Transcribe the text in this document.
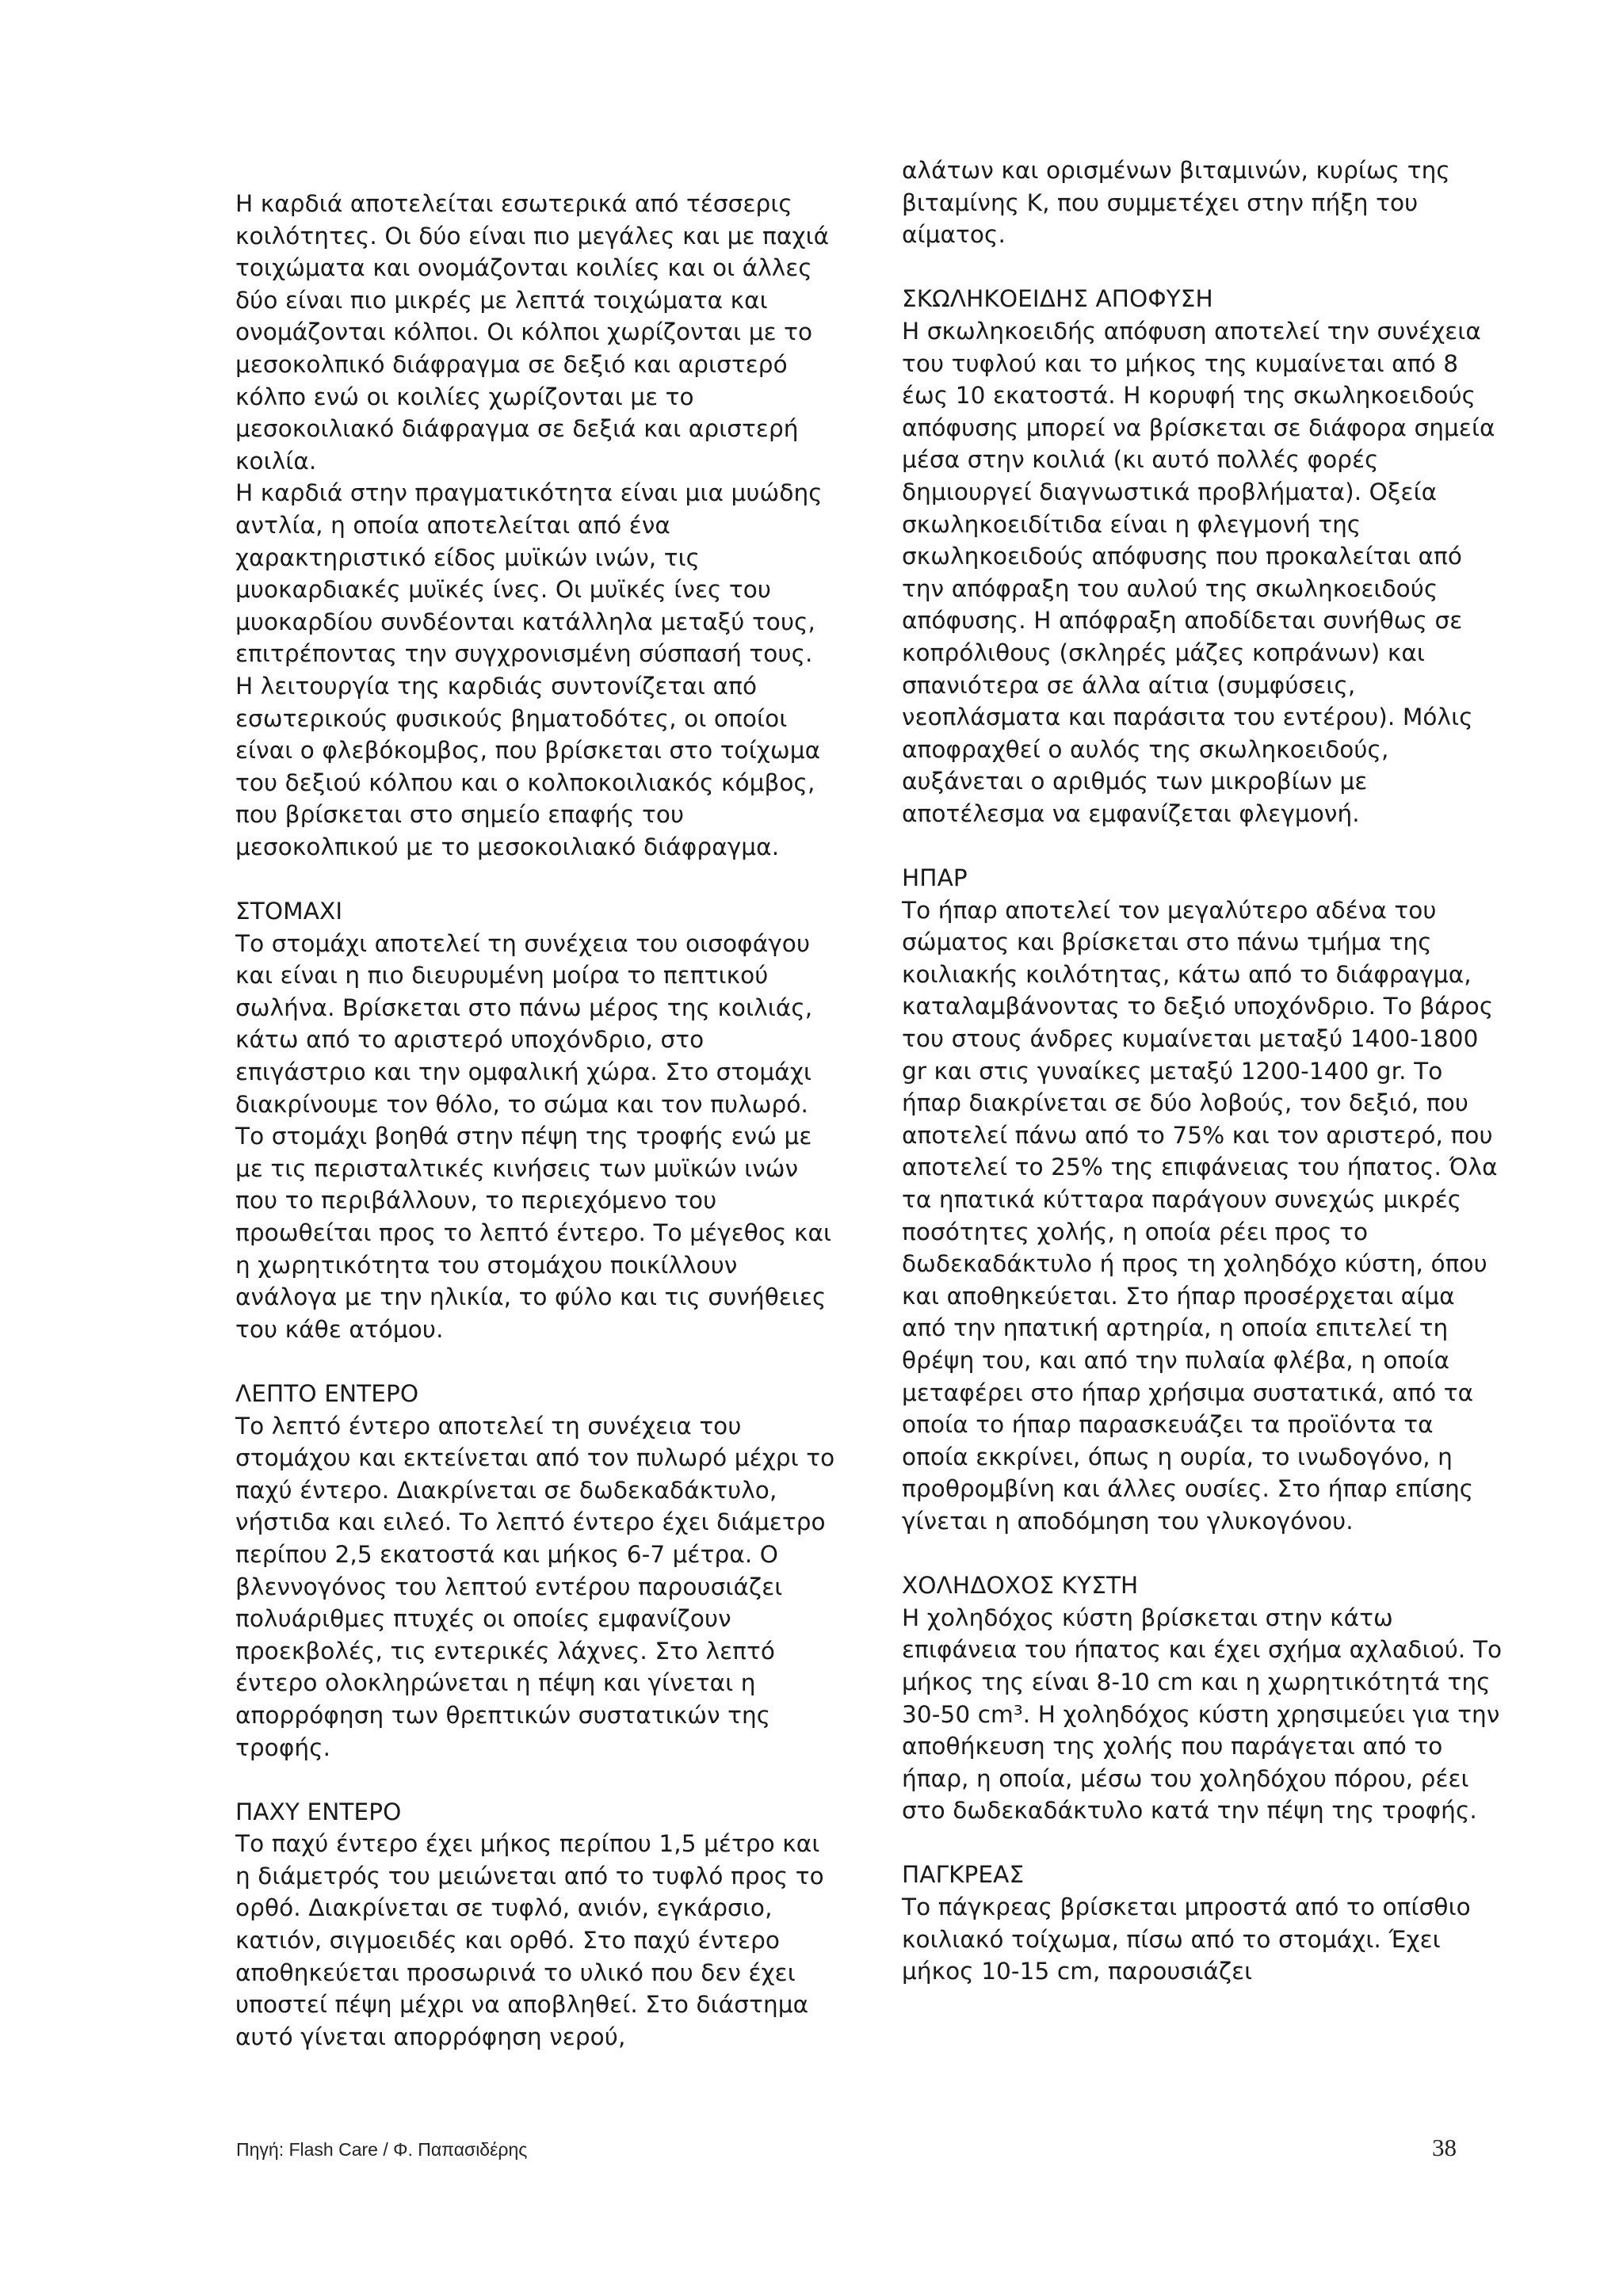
Η καρδιά αποτελείται εσωτερικά από τέσσερις κοιλότητες. Οι δύο είναι πιο μεγάλες και με παχιά τοιχώματα και ονομάζονται κοιλίες και οι άλλες δύο είναι πιο μικρές με λεπτά τοιχώματα και ονομάζονται κόλποι. Οι κόλποι χωρίζονται με το μεσοκολπικό διάφραγμα σε δεξιό και αριστερό κόλπο ενώ οι κοιλίες χωρίζονται με το μεσοκοιλιακό διάφραγμα σε δεξιά και αριστερή κοιλία.

Η καρδιά στην πραγματικότητα είναι μια μυώδης αντλία, η οποία αποτελείται από ένα χαρακτηριστικό είδος μυϊκών ινών, τις μυοκαρδιακές μυϊκές ίνες. Οι μυϊκές ίνες του μυοκαρδίου συνδέονται κατάλληλα μεταξύ τους, επιτρέποντας την συγχρονισμένη σύσπασή τους. Η λειτουργία της καρδιάς συντονίζεται από εσωτερικούς φυσικούς βηματοδότες, οι οποίοι είναι ο φλεβόκομβος, που βρίσκεται στο τοίχωμα του δεξιού κόλπου και ο κολποκοιλιακός κόμβος, που βρίσκεται στο σημείο επαφής του μεσοκολπικού με το μεσοκοιλιακό διάφραγμα.

ΣΤΟΜΑΧΙ

Το στομάχι αποτελεί τη συνέχεια του οισοφάγου και είναι η πιο διευρυμένη μοίρα το πεπτικού σωλήνα. Βρίσκεται στο πάνω μέρος της κοιλιάς, κάτω από το αριστερό υποχόνδριο, στο επιγάστριο και την ομφαλική χώρα. Στο στομάχι διακρίνουμε τον θόλο, το σώμα και τον πυλωρό. Το στομάχι βοηθά στην πέψη της τροφής ενώ με με τις περισταλτικές κινήσεις των μυϊκών ινών που το περιβάλλουν, το περιεχόμενο του προωθείται προς το λεπτό έντερο. Το μέγεθος και η χωρητικότητα του στομάχου ποικίλλουν ανάλογα με την ηλικία, το φύλο και τις συνήθειες του κάθε ατόμου.

ΛΕΠΤΟ ΕΝΤΕΡΟ

Το λεπτό έντερο αποτελεί τη συνέχεια του στομάχου και εκτείνεται από τον πυλωρό μέχρι το παχύ έντερο. Διακρίνεται σε δωδεκαδάκτυλο, νήστιδα και ειλεό. Το λεπτό έντερο έχει διάμετρο περίπου 2,5 εκατοστά και μήκος 6-7 μέτρα. Ο βλεννογόνος του λεπτού εντέρου παρουσιάζει πολυάριθμες πτυχές οι οποίες εμφανίζουν προεκβολές, τις εντερικές λάχνες. Στο λεπτό έντερο ολοκληρώνεται η πέψη και γίνεται η απορρόφηση των θρεπτικών συστατικών της τροφής.

ΠΑΧΥ ΕΝΤΕΡΟ

Το παχύ έντερο έχει μήκος περίπου 1,5 μέτρο και η διάμετρός του μειώνεται από το τυφλό προς το ορθό. Διακρίνεται σε τυφλό, ανιόν, εγκάρσιο, κατιόν, σιγμοειδές και ορθό. Στο παχύ έντερο αποθηκεύεται προσωρινά το υλικό που δεν έχει υποστεί πέψη μέχρι να αποβληθεί. Στο διάστημα αυτό γίνεται απορρόφηση νερού,

αλάτων και ορισμένων βιταμινών, κυρίως της βιταμίνης Κ, που συμμετέχει στην πήξη του αίματος.

ΣΚΩΛΗΚΟΕΙΔΗΣ ΑΠΟΦΥΣΗ

Η σκωληκοειδής απόφυση αποτελεί την συνέχεια του τυφλού και το μήκος της κυμαίνεται από 8 έως 10 εκατοστά. Η κορυφή της σκωληκοειδούς απόφυσης μπορεί να βρίσκεται σε διάφορα σημεία μέσα στην κοιλιά (κι αυτό πολλές φορές δημιουργεί διαγνωστικά προβλήματα). Οξεία σκωληκοειδίτιδα είναι η φλεγμονή της σκωληκοειδούς απόφυσης που προκαλείται από την απόφραξη του αυλού της σκωληκοειδούς απόφυσης. Η απόφραξη αποδίδεται συνήθως σε κοπρόλιθους (σκληρές μάζες κοπράνων) και σπανιότερα σε άλλα αίτια (συμφύσεις, νεοπλάσματα και παράσιτα του εντέρου). Μόλις αποφραχθεί ο αυλός της σκωληκοειδούς, αυξάνεται ο αριθμός των μικροβίων με αποτέλεσμα να εμφανίζεται φλεγμονή.

ΗΠΑΡ

Το ήπαρ αποτελεί τον μεγαλύτερο αδένα του σώματος και βρίσκεται στο πάνω τμήμα της κοιλιακής κοιλότητας, κάτω από το διάφραγμα, καταλαμβάνοντας το δεξιό υποχόνδριο. Το βάρος του στους άνδρες κυμαίνεται μεταξύ 1400-1800 gr και στις γυναίκες μεταξύ 1200-1400 gr. Το ήπαρ διακρίνεται σε δύο λοβούς, τον δεξιό, που αποτελεί πάνω από το 75% και τον αριστερό, που αποτελεί το 25% της επιφάνειας του ήπατος. Όλα τα ηπατικά κύτταρα παράγουν συνεχώς μικρές ποσότητες χολής, η οποία ρέει προς το δωδεκαδάκτυλο ή προς τη χοληδόχο κύστη, όπου και αποθηκεύεται. Στο ήπαρ προσέρχεται αίμα από την ηπατική αρτηρία, η οποία επιτελεί τη θρέψη του, και από την πυλαία φλέβα, η οποία μεταφέρει στο ήπαρ χρήσιμα συστατικά, από τα οποία το ήπαρ παρασκευάζει τα προϊόντα τα οποία εκκρίνει, όπως η ουρία, το ινωδογόνο, η προθρομβίνη και άλλες ουσίες. Στο ήπαρ επίσης γίνεται η αποδόμηση του γλυκογόνου.

ΧΟΛΗΔΟΧΟΣ ΚΥΣΤΗ

Η χοληδόχος κύστη βρίσκεται στην κάτω επιφάνεια του ήπατος και έχει σχήμα αχλαδιού. Το μήκος της είναι 8-10 cm και η χωρητικότητά της 30-50 cm³. Η χοληδόχος κύστη χρησιμεύει για την αποθήκευση της χολής που παράγεται από το ήπαρ, η οποία, μέσω του χοληδόχου πόρου, ρέει στο δωδεκαδάκτυλο κατά την πέψη της τροφής.

ΠΑΓΚΡΕΑΣ

Το πάγκρεας βρίσκεται μπροστά από το οπίσθιο κοιλιακό τοίχωμα, πίσω από το στομάχι. Έχει μήκος 10-15 cm, παρουσιάζει

Πηγή: Flash Care / Φ. Παπασιδέρης	38
